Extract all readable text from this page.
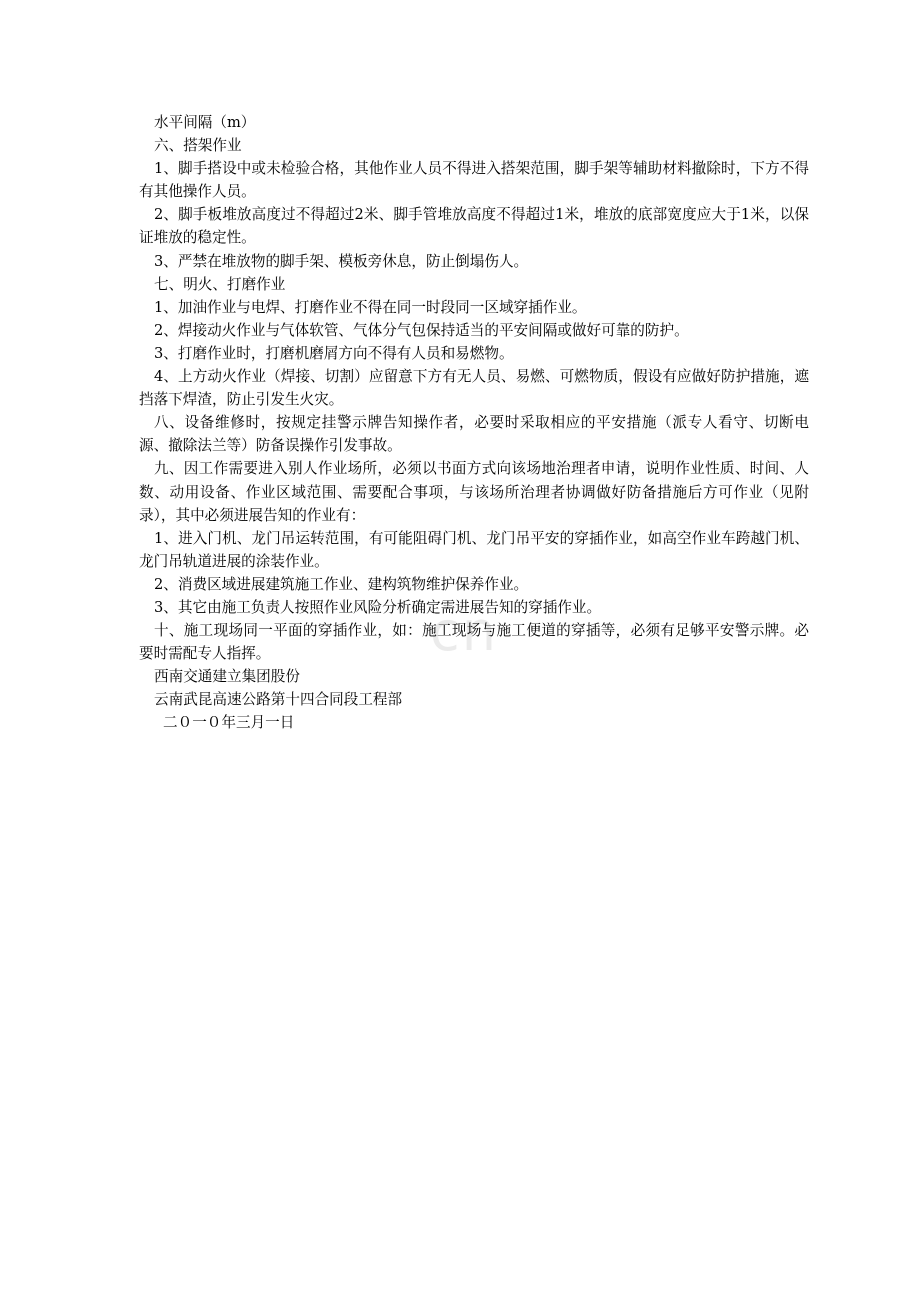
cn

水平间隔（m）

六、搭架作业

1、脚手搭设中或未检验合格，其他作业人员不得进入搭架范围，脚手架等辅助材料撤除时，下方不得有其他操作人员。

2、脚手板堆放高度过不得超过2米、脚手管堆放高度不得超过1米，堆放的底部宽度应大于1米，以保证堆放的稳定性。

3、严禁在堆放物的脚手架、模板旁休息，防止倒塌伤人。

七、明火、打磨作业

1、加油作业与电焊、打磨作业不得在同一时段同一区域穿插作业。

2、焊接动火作业与气体软管、气体分气包保持适当的平安间隔或做好可靠的防护。

3、打磨作业时，打磨机磨屑方向不得有人员和易燃物。

4、上方动火作业（焊接、切割）应留意下方有无人员、易燃、可燃物质，假设有应做好防护措施，遮挡落下焊渣，防止引发生火灾。

八、设备维修时，按规定挂警示牌告知操作者，必要时采取相应的平安措施（派专人看守、切断电源、撤除法兰等）防备误操作引发事故。

九、因工作需要进入别人作业场所，必须以书面方式向该场地治理者申请，说明作业性质、时间、人数、动用设备、作业区域范围、需要配合事项，与该场所治理者协调做好防备措施后方可作业（见附录），其中必须进展告知的作业有：

1、进入门机、龙门吊运转范围，有可能阻碍门机、龙门吊平安的穿插作业，如高空作业车跨越门机、龙门吊轨道进展的涂装作业。

2、消费区域进展建筑施工作业、建构筑物维护保养作业。

3、其它由施工负责人按照作业风险分析确定需进展告知的穿插作业。

十、施工现场同一平面的穿插作业，如：施工现场与施工便道的穿插等，必须有足够平安警示牌。必要时需配专人指挥。

西南交通建立集团股份

云南武昆高速公路第十四合同段工程部

二０一０年三月一日
